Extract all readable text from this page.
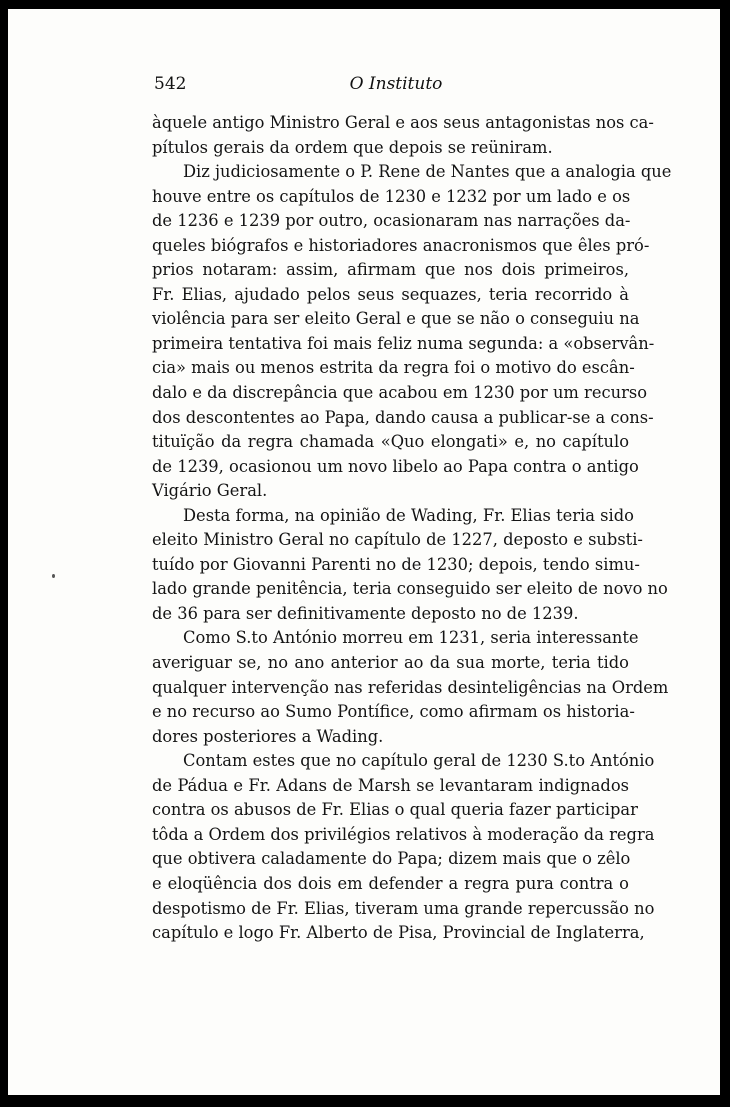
542	O Instituto
àquele antigo Ministro Geral e aos seus antagonistas nos ca-
pítulos gerais da ordem que depois se reüniram.
Diz judiciosamente o P. Rene de Nantes que a analogia que
houve entre os capítulos de 1230 e 1232 por um lado e os
de 1236 e 1239 por outro, ocasionaram nas narrações da-
queles biógrafos e historiadores anacronismos que êles pró-
prios notaram: assim, afirmam que nos dois primeiros,
Fr. Elias, ajudado pelos seus sequazes, teria recorrido à
violência para ser eleito Geral e que se não o conseguiu na
primeira tentativa foi mais feliz numa segunda: a «observân-
cia» mais ou menos estrita da regra foi o motivo do escân-
dalo e da discrepância que acabou em 1230 por um recurso
dos descontentes ao Papa, dando causa a publicar-se a cons-
tituïção da regra chamada «Quo elongati» e, no capítulo
de 1239, ocasionou um novo libelo ao Papa contra o antigo
Vigário Geral.
Desta forma, na opinião de Wading, Fr. Elias teria sido
eleito Ministro Geral no capítulo de 1227, deposto e substi-
tuído por Giovanni Parenti no de 1230; depois, tendo simu-
lado grande penitência, teria conseguido ser eleito de novo no
de 36 para ser definitivamente deposto no de 1239.
Como S.to António morreu em 1231, seria interessante
averiguar se, no ano anterior ao da sua morte, teria tido
qualquer intervenção nas referidas desinteligências na Ordem
e no recurso ao Sumo Pontífice, como afirmam os historia-
dores posteriores a Wading.
Contam estes que no capítulo geral de 1230 S.to António
de Pádua e Fr. Adans de Marsh se levantaram indignados
contra os abusos de Fr. Elias o qual queria fazer participar
tôda a Ordem dos privilégios relativos à moderação da regra
que obtivera caladamente do Papa; dizem mais que o zêlo
e eloqüência dos dois em defender a regra pura contra o
despotismo de Fr. Elias, tiveram uma grande repercussão no
capítulo e logo Fr. Alberto de Pisa, Provincial de Inglaterra,
